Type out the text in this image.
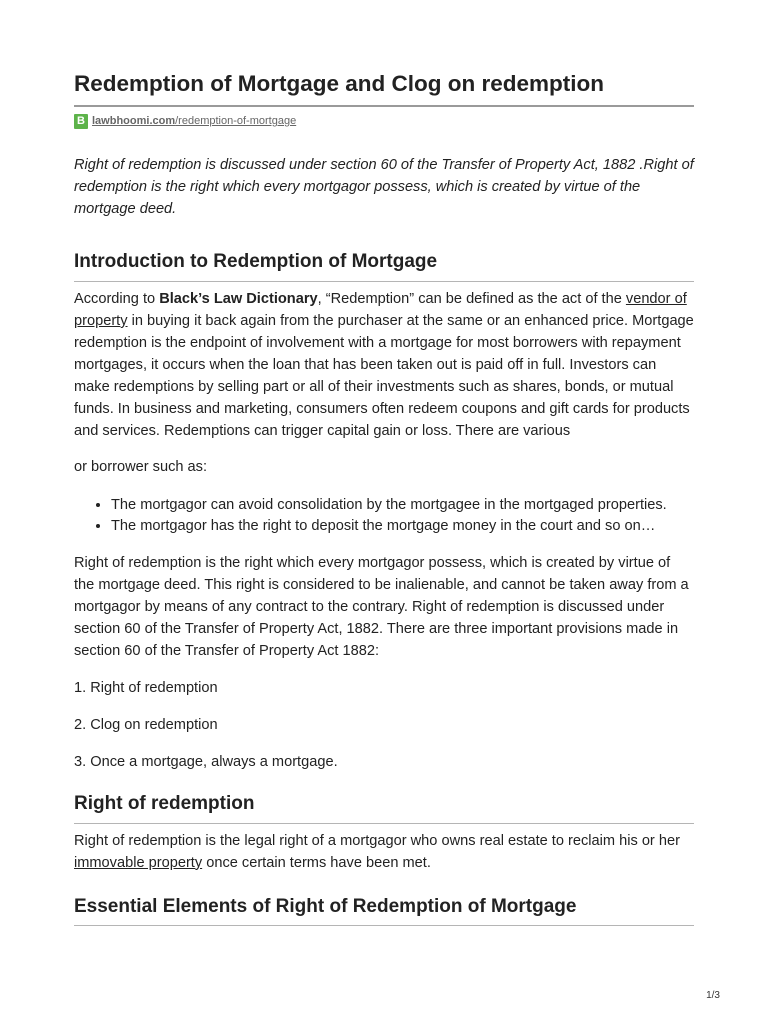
Redemption of Mortgage and Clog on redemption
B lawbhoomi.com/redemption-of-mortgage

Right of redemption is discussed under section 60 of the Transfer of Property Act, 1882 .Right of redemption is the right which every mortgagor possess, which is created by virtue of the mortgage deed.

Introduction to Redemption of Mortgage

According to Black’s Law Dictionary, “Redemption” can be defined as the act of the vendor of property in buying it back again from the purchaser at the same or an enhanced price. Mortgage redemption is the endpoint of involvement with a mortgage for most borrowers with repayment mortgages, it occurs when the loan that has been taken out is paid off in full. Investors can make redemptions by selling part or all of their investments such as shares, bonds, or mutual funds. In business and marketing, consumers often redeem coupons and gift cards for products and services. Redemptions can trigger capital gain or loss. There are various

or borrower such as:

• The mortgagor can avoid consolidation by the mortgagee in the mortgaged properties.
• The mortgagor has the right to deposit the mortgage money in the court and so on…

Right of redemption is the right which every mortgagor possess, which is created by virtue of the mortgage deed. This right is considered to be inalienable, and cannot be taken away from a mortgagor by means of any contract to the contrary. Right of redemption is discussed under section 60 of the Transfer of Property Act, 1882. There are three important provisions made in section 60 of the Transfer of Property Act 1882:

1. Right of redemption

2. Clog on redemption

3. Once a mortgage, always a mortgage.

Right of redemption

Right of redemption is the legal right of a mortgagor who owns real estate to reclaim his or her immovable property once certain terms have been met.

Essential Elements of Right of Redemption of Mortgage
1/3
